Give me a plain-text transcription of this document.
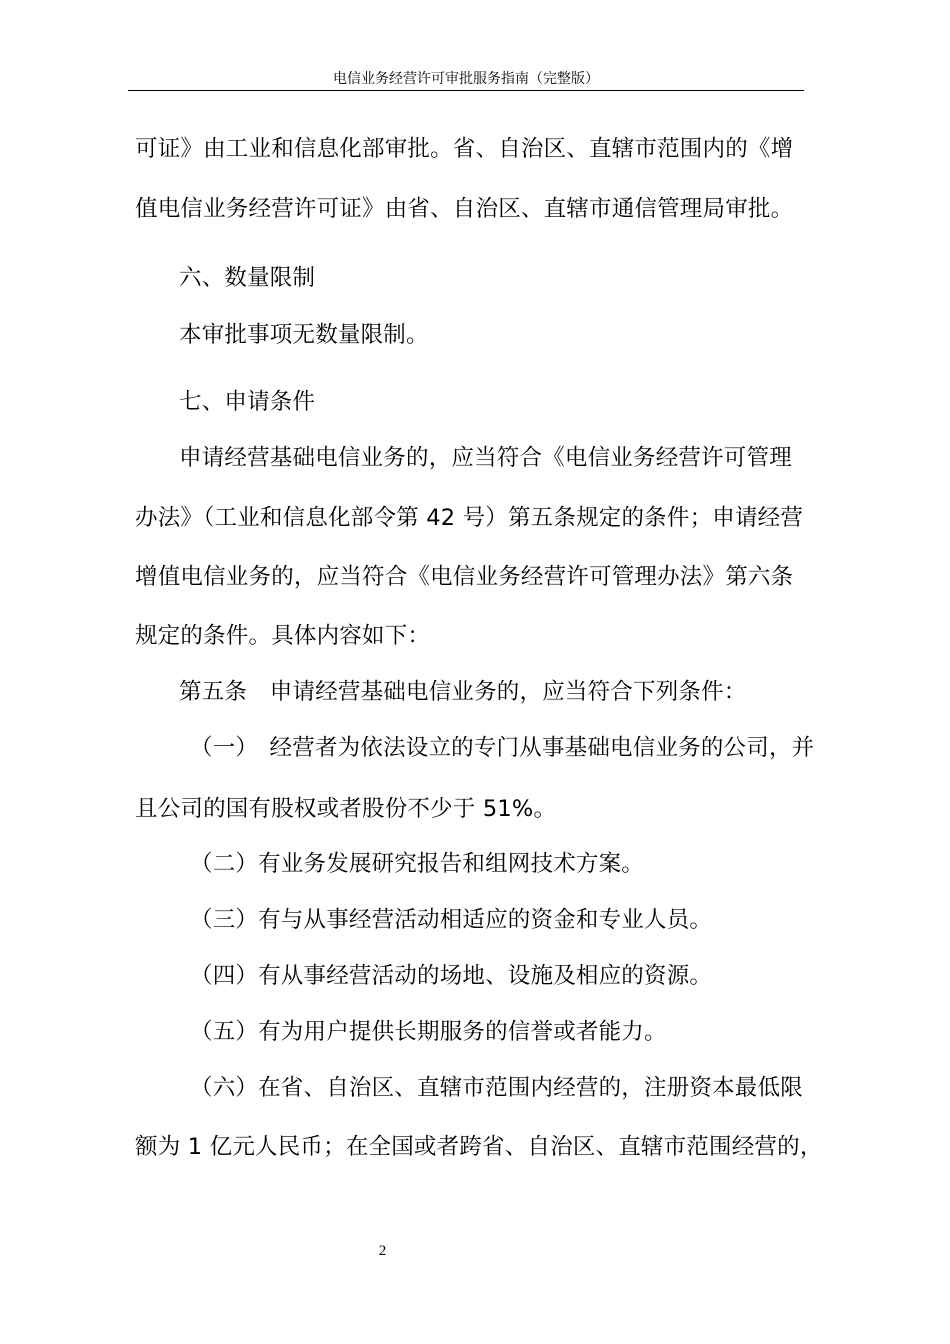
电信业务经营许可审批服务指南（完整版）
可证》由工业和信息化部审批。省、自治区、直辖市范围内的《增
值电信业务经营许可证》由省、自治区、直辖市通信管理局审批。
六、数量限制
本审批事项无数量限制。
七、申请条件
申请经营基础电信业务的，应当符合《电信业务经营许可管理
办法》（工业和信息化部令第 42 号）第五条规定的条件；申请经营
增值电信业务的，应当符合《电信业务经营许可管理办法》第六条
规定的条件。具体内容如下：
第五条　申请经营基础电信业务的，应当符合下列条件：
（一）　经营者为依法设立的专门从事基础电信业务的公司，并
且公司的国有股权或者股份不少于 51%。
（二）有业务发展研究报告和组网技术方案。
（三）有与从事经营活动相适应的资金和专业人员。
（四）有从事经营活动的场地、设施及相应的资源。
（五）有为用户提供长期服务的信誉或者能力。
（六）在省、自治区、直辖市范围内经营的，注册资本最低限
额为 1 亿元人民币；在全国或者跨省、自治区、直辖市范围经营的，
2
